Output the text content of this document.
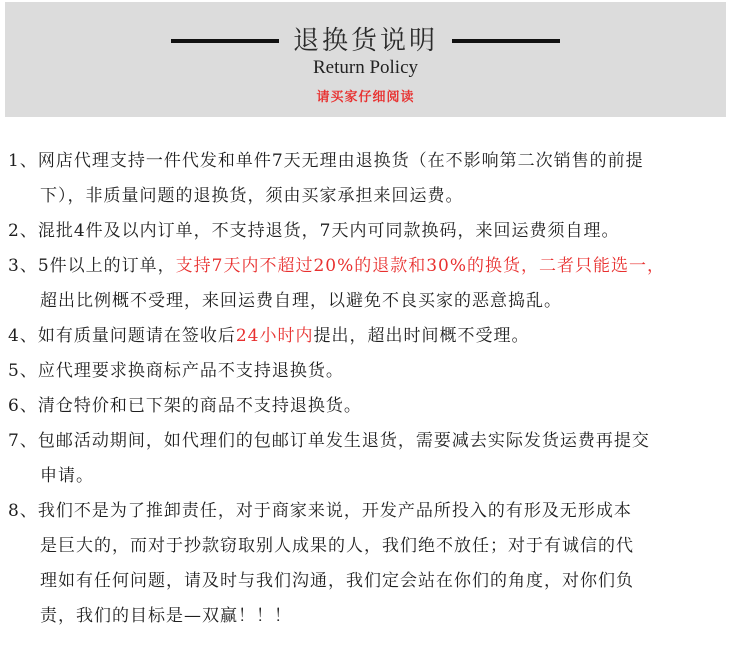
退换货说明
Return Policy
请买家仔细阅读
1、网店代理支持一件代发和单件7天无理由退换货（在不影响第二次销售的前提
下），非质量问题的退换货，须由买家承担来回运费。
2、混批4件及以内订单，不支持退货，7天内可同款换码，来回运费须自理。
3、5件以上的订单，支持7天内不超过20%的退款和30%的换货，二者只能选一，
超出比例概不受理，来回运费自理，以避免不良买家的恶意捣乱。
4、如有质量问题请在签收后24小时内提出，超出时间概不受理。
5、应代理要求换商标产品不支持退换货。
6、清仓特价和已下架的商品不支持退换货。
7、包邮活动期间，如代理们的包邮订单发生退货，需要减去实际发货运费再提交
申请。
8、我们不是为了推卸责任，对于商家来说，开发产品所投入的有形及无形成本
是巨大的，而对于抄款窃取别人成果的人，我们绝不放任；对于有诚信的代
理如有任何问题，请及时与我们沟通，我们定会站在你们的角度，对你们负
责，我们的目标是—双赢！！！
